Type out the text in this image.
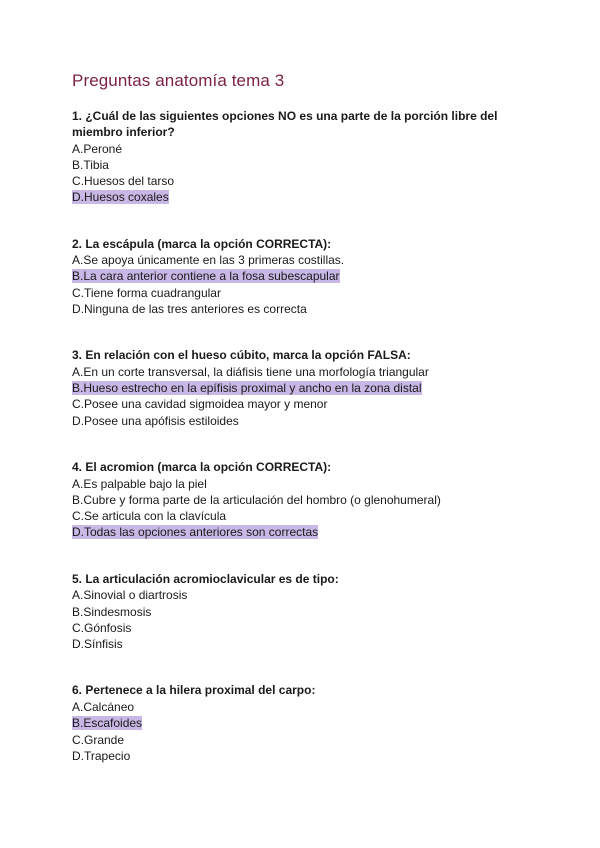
Preguntas anatomía tema 3
1. ¿Cuál de las siguientes opciones NO es una parte de la porción libre del miembro inferior?
A.Peroné
B.Tibia
C.Huesos del tarso
D.Huesos coxales
2. La escápula (marca la opción CORRECTA):
A.Se apoya únicamente en las 3 primeras costillas.
B.La cara anterior contiene a la fosa subescapular
C.Tiene forma cuadrangular
D.Ninguna de las tres anteriores es correcta
3. En relación con el hueso cúbito, marca la opción FALSA:
A.En un corte transversal, la diáfisis tiene una morfología triangular
B.Hueso estrecho en la epífisis proximal y ancho en la zona distal
C.Posee una cavidad sigmoidea mayor y menor
D.Posee una apófisis estiloides
4. El acromion (marca la opción CORRECTA):
A.Es palpable bajo la piel
B.Cubre y forma parte de la articulación del hombro (o glenohumeral)
C.Se articula con la clavícula
D.Todas las opciones anteriores son correctas
5. La articulación acromioclavicular es de tipo:
A.Sinovial o diartrosis
B.Sindesmosis
C.Gónfosis
D.Sínfisis
6. Pertenece a la hilera proximal del carpo:
A.Calcáneo
B.Escafoides
C.Grande
D.Trapecio
